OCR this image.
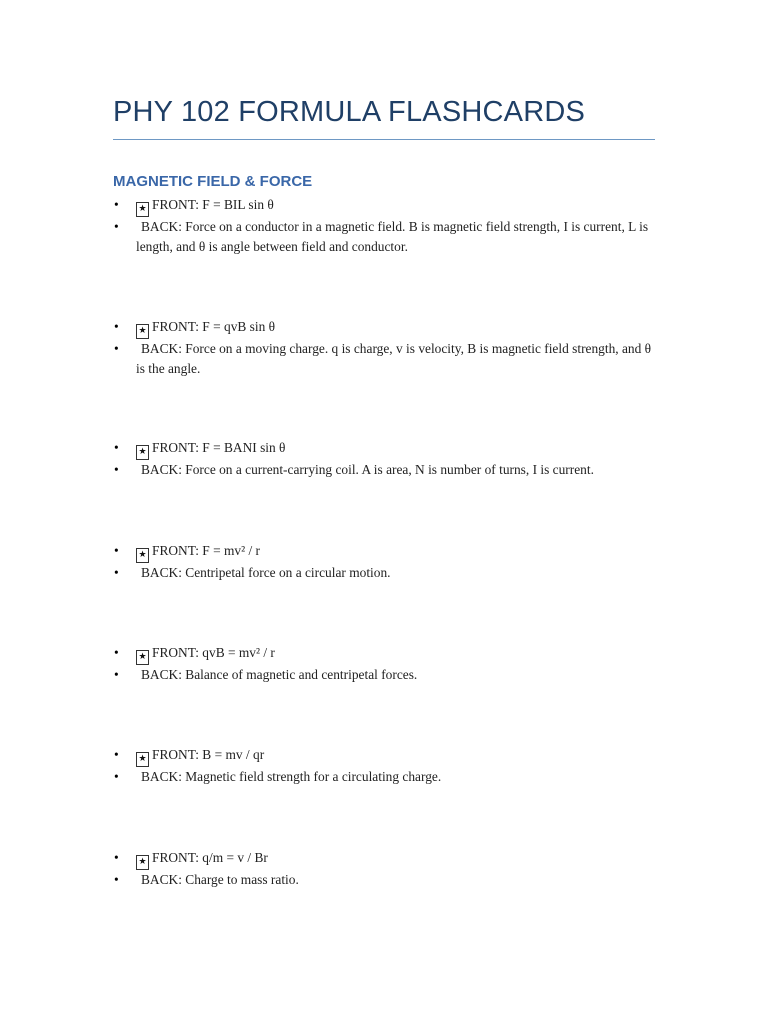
PHY 102 FORMULA FLASHCARDS
MAGNETIC FIELD & FORCE
• ★ FRONT: F = BIL sin θ
• BACK: Force on a conductor in a magnetic field. B is magnetic field strength, I is current, L is length, and θ is angle between field and conductor.
• ★ FRONT: F = qvB sin θ
• BACK: Force on a moving charge. q is charge, v is velocity, B is magnetic field strength, and θ is the angle.
• ★ FRONT: F = BANI sin θ
• BACK: Force on a current-carrying coil. A is area, N is number of turns, I is current.
• ★ FRONT: F = mv² / r
• BACK: Centripetal force on a circular motion.
• ★ FRONT: qvB = mv² / r
• BACK: Balance of magnetic and centripetal forces.
• ★ FRONT: B = mv / qr
• BACK: Magnetic field strength for a circulating charge.
• ★ FRONT: q/m = v / Br
• BACK: Charge to mass ratio.
